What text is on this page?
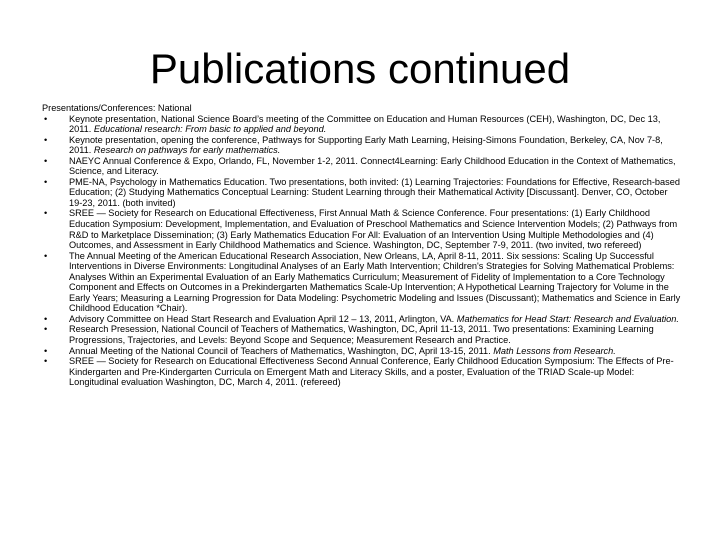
Publications continued

Presentations/Conferences: National

• Keynote presentation, National Science Board’s meeting of the Committee on Education and Human Resources (CEH), Washington, DC, Dec 13, 2011. Educational research: From basic to applied and beyond.
• Keynote presentation, opening the conference, Pathways for Supporting Early Math Learning, Heising-Simons Foundation, Berkeley, CA, Nov 7-8, 2011. Research on pathways for early mathematics.
• NAEYC Annual Conference & Expo, Orlando, FL, November 1-2, 2011. Connect4Learning: Early Childhood Education in the Context of Mathematics, Science, and Literacy.
• PME-NA, Psychology in Mathematics Education. Two presentations, both invited: (1) Learning Trajectories: Foundations for Effective, Research-based Education; (2) Studying Mathematics Conceptual Learning: Student Learning through their Mathematical Activity [Discussant]. Denver, CO, October 19-23, 2011. (both invited)
• SREE — Society for Research on Educational Effectiveness, First Annual Math & Science Conference. Four presentations: (1) Early Childhood Education Symposium: Development, Implementation, and Evaluation of Preschool Mathematics and Science Intervention Models; (2) Pathways from R&D to Marketplace Dissemination; (3) Early Mathematics Education For All: Evaluation of an Intervention Using Multiple Methodologies and (4) Outcomes, and Assessment in Early Childhood Mathematics and Science. Washington, DC, September 7-9, 2011. (two invited, two refereed)
• The Annual Meeting of the American Educational Research Association, New Orleans, LA, April 8-11, 2011. Six sessions: Scaling Up Successful Interventions in Diverse Environments: Longitudinal Analyses of an Early Math Intervention; Children's Strategies for Solving Mathematical Problems: Analyses Within an Experimental Evaluation of an Early Mathematics Curriculum; Measurement of Fidelity of Implementation to a Core Technology Component and Effects on Outcomes in a Prekindergarten Mathematics Scale-Up Intervention; A Hypothetical Learning Trajectory for Volume in the Early Years; Measuring a Learning Progression for Data Modeling: Psychometric Modeling and Issues (Discussant); Mathematics and Science in Early Childhood Education *Chair).
• Advisory Committee on Head Start Research and Evaluation April 12 – 13, 2011, Arlington, VA. Mathematics for Head Start: Research and Evaluation.
• Research Presession, National Council of Teachers of Mathematics, Washington, DC, April 11-13, 2011. Two presentations: Examining Learning Progressions, Trajectories, and Levels: Beyond Scope and Sequence; Measurement Research and Practice.
• Annual Meeting of the National Council of Teachers of Mathematics, Washington, DC, April 13-15, 2011. Math Lessons from Research.
• SREE — Society for Research on Educational Effectiveness Second Annual Conference, Early Childhood Education Symposium: The Effects of Pre-Kindergarten and Pre-Kindergarten Curricula on Emergent Math and Literacy Skills, and a poster, Evaluation of the TRIAD Scale-up Model: Longitudinal evaluation Washington, DC, March 4, 2011. (refereed)
